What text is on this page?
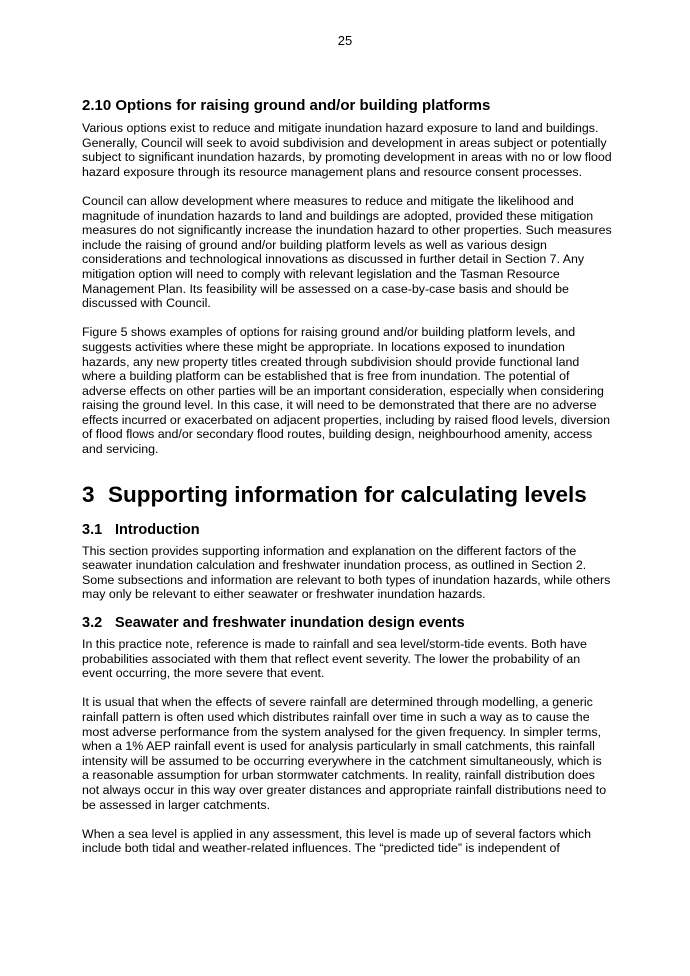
25
2.10 Options for raising ground and/or building platforms

Various options exist to reduce and mitigate inundation hazard exposure to land and buildings. Generally, Council will seek to avoid subdivision and development in areas subject or potentially subject to significant inundation hazards, by promoting development in areas with no or low flood hazard exposure through its resource management plans and resource consent processes.

Council can allow development where measures to reduce and mitigate the likelihood and magnitude of inundation hazards to land and buildings are adopted, provided these mitigation measures do not significantly increase the inundation hazard to other properties. Such measures include the raising of ground and/or building platform levels as well as various design considerations and technological innovations as discussed in further detail in Section 7. Any mitigation option will need to comply with relevant legislation and the Tasman Resource Management Plan. Its feasibility will be assessed on a case-by-case basis and should be discussed with Council.

Figure 5 shows examples of options for raising ground and/or building platform levels, and suggests activities where these might be appropriate. In locations exposed to inundation hazards, any new property titles created through subdivision should provide functional land where a building platform can be established that is free from inundation. The potential of adverse effects on other parties will be an important consideration, especially when considering raising the ground level. In this case, it will need to be demonstrated that there are no adverse effects incurred or exacerbated on adjacent properties, including by raised flood levels, diversion of flood flows and/or secondary flood routes, building design, neighbourhood amenity, access and servicing.

3 Supporting information for calculating levels
3.1 Introduction

This section provides supporting information and explanation on the different factors of the seawater inundation calculation and freshwater inundation process, as outlined in Section 2. Some subsections and information are relevant to both types of inundation hazards, while others may only be relevant to either seawater or freshwater inundation hazards.

3.2 Seawater and freshwater inundation design events

In this practice note, reference is made to rainfall and sea level/storm-tide events. Both have probabilities associated with them that reflect event severity. The lower the probability of an event occurring, the more severe that event.

It is usual that when the effects of severe rainfall are determined through modelling, a generic rainfall pattern is often used which distributes rainfall over time in such a way as to cause the most adverse performance from the system analysed for the given frequency. In simpler terms, when a 1% AEP rainfall event is used for analysis particularly in small catchments, this rainfall intensity will be assumed to be occurring everywhere in the catchment simultaneously, which is a reasonable assumption for urban stormwater catchments. In reality, rainfall distribution does not always occur in this way over greater distances and appropriate rainfall distributions need to be assessed in larger catchments.

When a sea level is applied in any assessment, this level is made up of several factors which include both tidal and weather-related influences. The “predicted tide” is independent of
